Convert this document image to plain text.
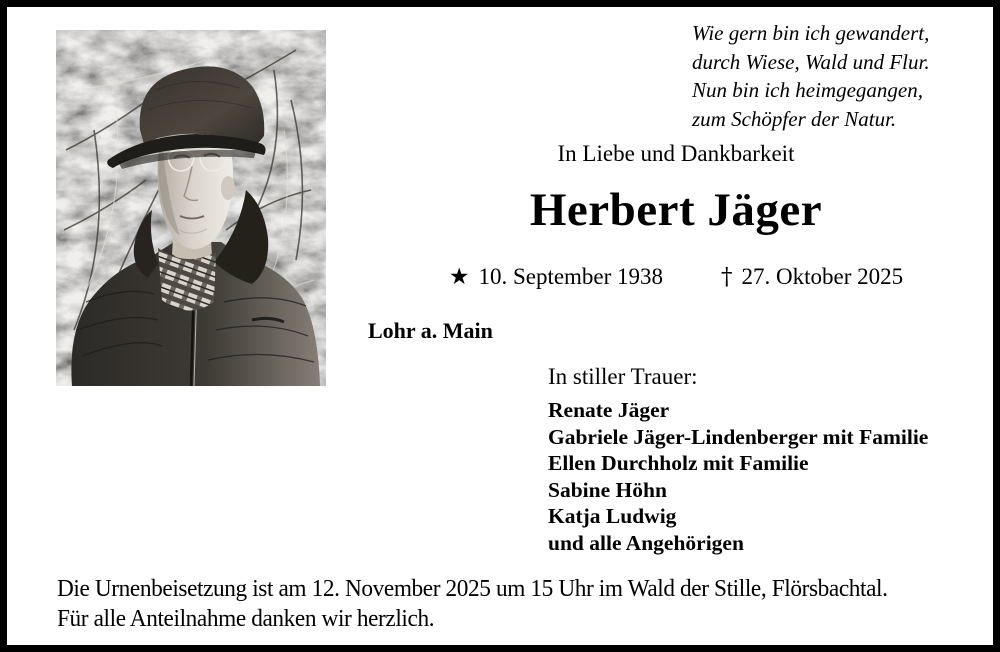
Wie gern bin ich gewandert,
durch Wiese, Wald und Flur.
Nun bin ich heimgegangen,
zum Schöpfer der Natur.
In Liebe und Dankbarkeit
Herbert Jäger
★ 10. September 1938	† 27. Oktober 2025
Lohr a. Main
In stiller Trauer:
Renate Jäger
Gabriele Jäger-Lindenberger mit Familie
Ellen Durchholz mit Familie
Sabine Höhn
Katja Ludwig
und alle Angehörigen
Die Urnenbeisetzung ist am 12. November 2025 um 15 Uhr im Wald der Stille, Flörsbachtal.
Für alle Anteilnahme danken wir herzlich.
